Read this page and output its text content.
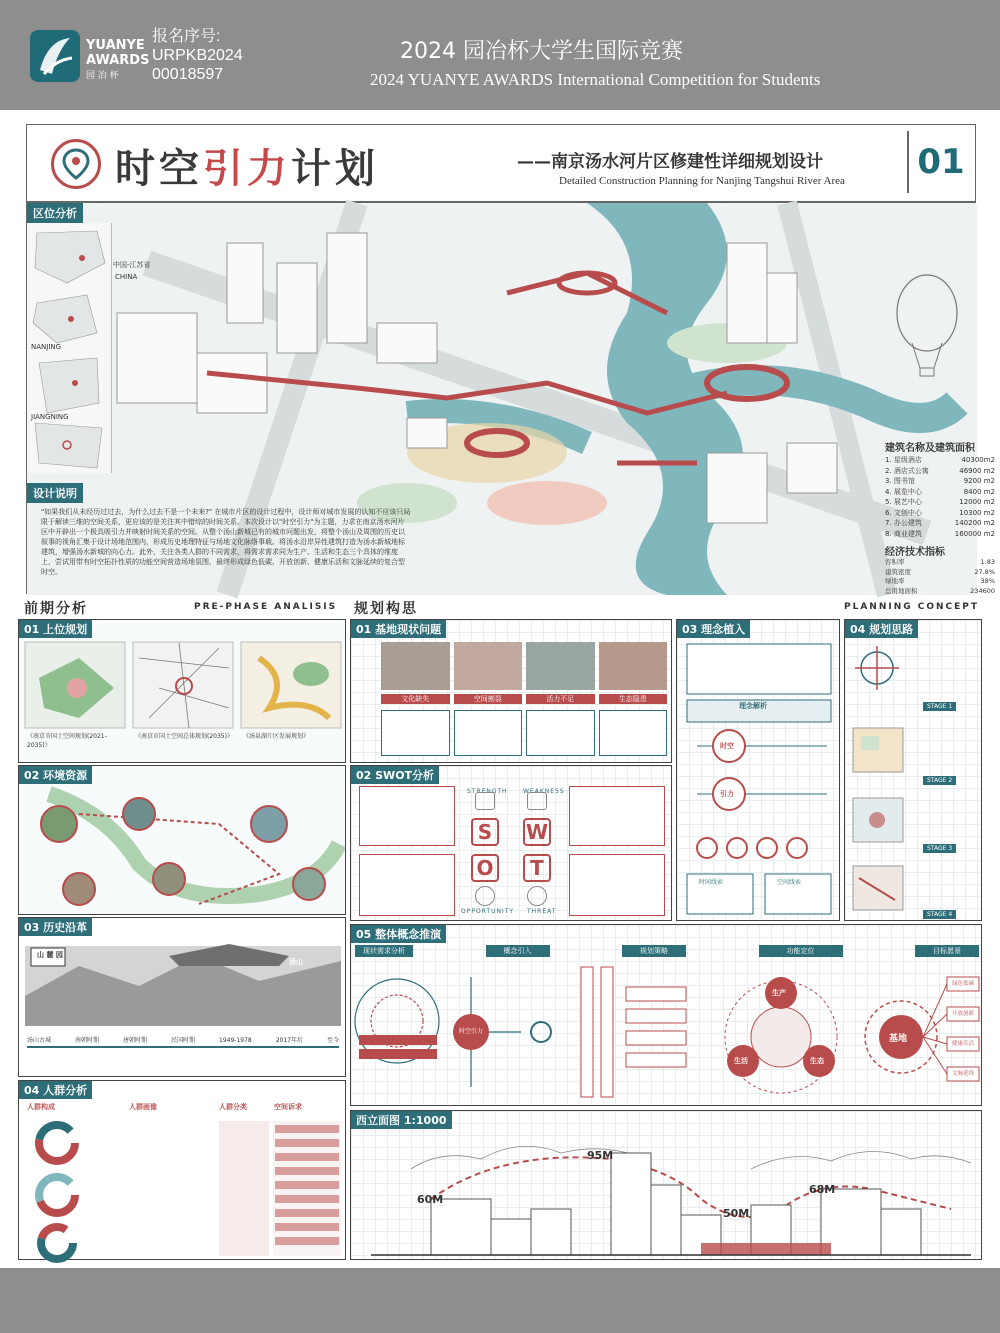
YUANYE
AWARDS
园 冶 杯
报名序号:
URPKB2024
00018597
2024 园冶杯大学生国际竞赛
2024 YUANYE AWARDS International Competition for Students
时空引力计划	——南京汤水河片区修建性详细规划设计
Detailed Construction Planning for Nanjing Tangshui River Area	01
区位分析
CHINA
中国-江苏省
NANJING
JIANGNING
设计说明
"如果我们从未经历过过去，为什么过去不是一个未来?" 在城市片区的设计过程中，设计师对城市发展的认知不应该只局限于解读三维的空间关系，更应该的是关注其中错综的时间关系。本次设计以"时空引力"为主题，力求在南京汤水河片区中开辟出一个极具吸引力并映射时间关系的空间。从整个汤山新城已有的城市问题出发，将整个汤山及周围的历史以叙事的视角汇集于设计场地范围内，形成历史地理特征与场地文化脉络事载。将汤水沿岸异性建筑打造为汤水新城地标建筑，增强汤水新城的向心力。此外，关注各类人群的不同需求，将需求需求同为生产、生活和生态三个具体的维度上，尝试用带有时空拓扑性质的功能空间营造场地氛围，最终形成绿色低碳、开放创新、健康乐活和文脉延续的复合型时空。
建筑名称及建筑面积
1. 星级酒店	40300m2
2. 酒店式公寓	46900 m2
3. 图书馆	9200 m2
4. 展览中心	8400 m2
5. 展艺中心	12000 m2
6. 文创中心	10300 m2
7. 办公建筑	140200 m2
8. 商业建筑	160000 m2
经济技术指标
容积率	1.83
建筑密度	27.8%
绿地率	38%
总用地面积	234600
前期分析	PRE-PHASE ANALISIS
01 上位规划
《南京市国土空间规划(2021-2035)》
《南京市国土空间总体规划(2035)》	《汤泉湖片区发展规划》
02 环境资源
03 历史沿革
山 麓 园
汤山
汤山古城	南朝时期	唐朝时期	民国时期	1949-1978	2017年后	至今
04 人群分析
人群构成	人群画像	人群分类	空间诉求
规划构思	PLANNING CONCEPT
01 基地现状问题
文化缺失	空间割裂	活力不足	生态隐患
02 SWOT分析
S	W
O	T
STRENGTH	WEAKNESS
OPPORTUNITY THREAT
03 理念植入
理念解析
时空
引力
时间线索	空间线索
04 规划思路
STAGE 1
STAGE 2
STAGE 3
STAGE 4
05 整体概念推演
现状需求分析	概念引入	规划策略	功能定位	目标愿景
时空引力
基地
生产
生活	生态
绿色低碳
开放创新
健康乐活
文脉延续
西立面图 1:1000
60M
95M
50M
68M
